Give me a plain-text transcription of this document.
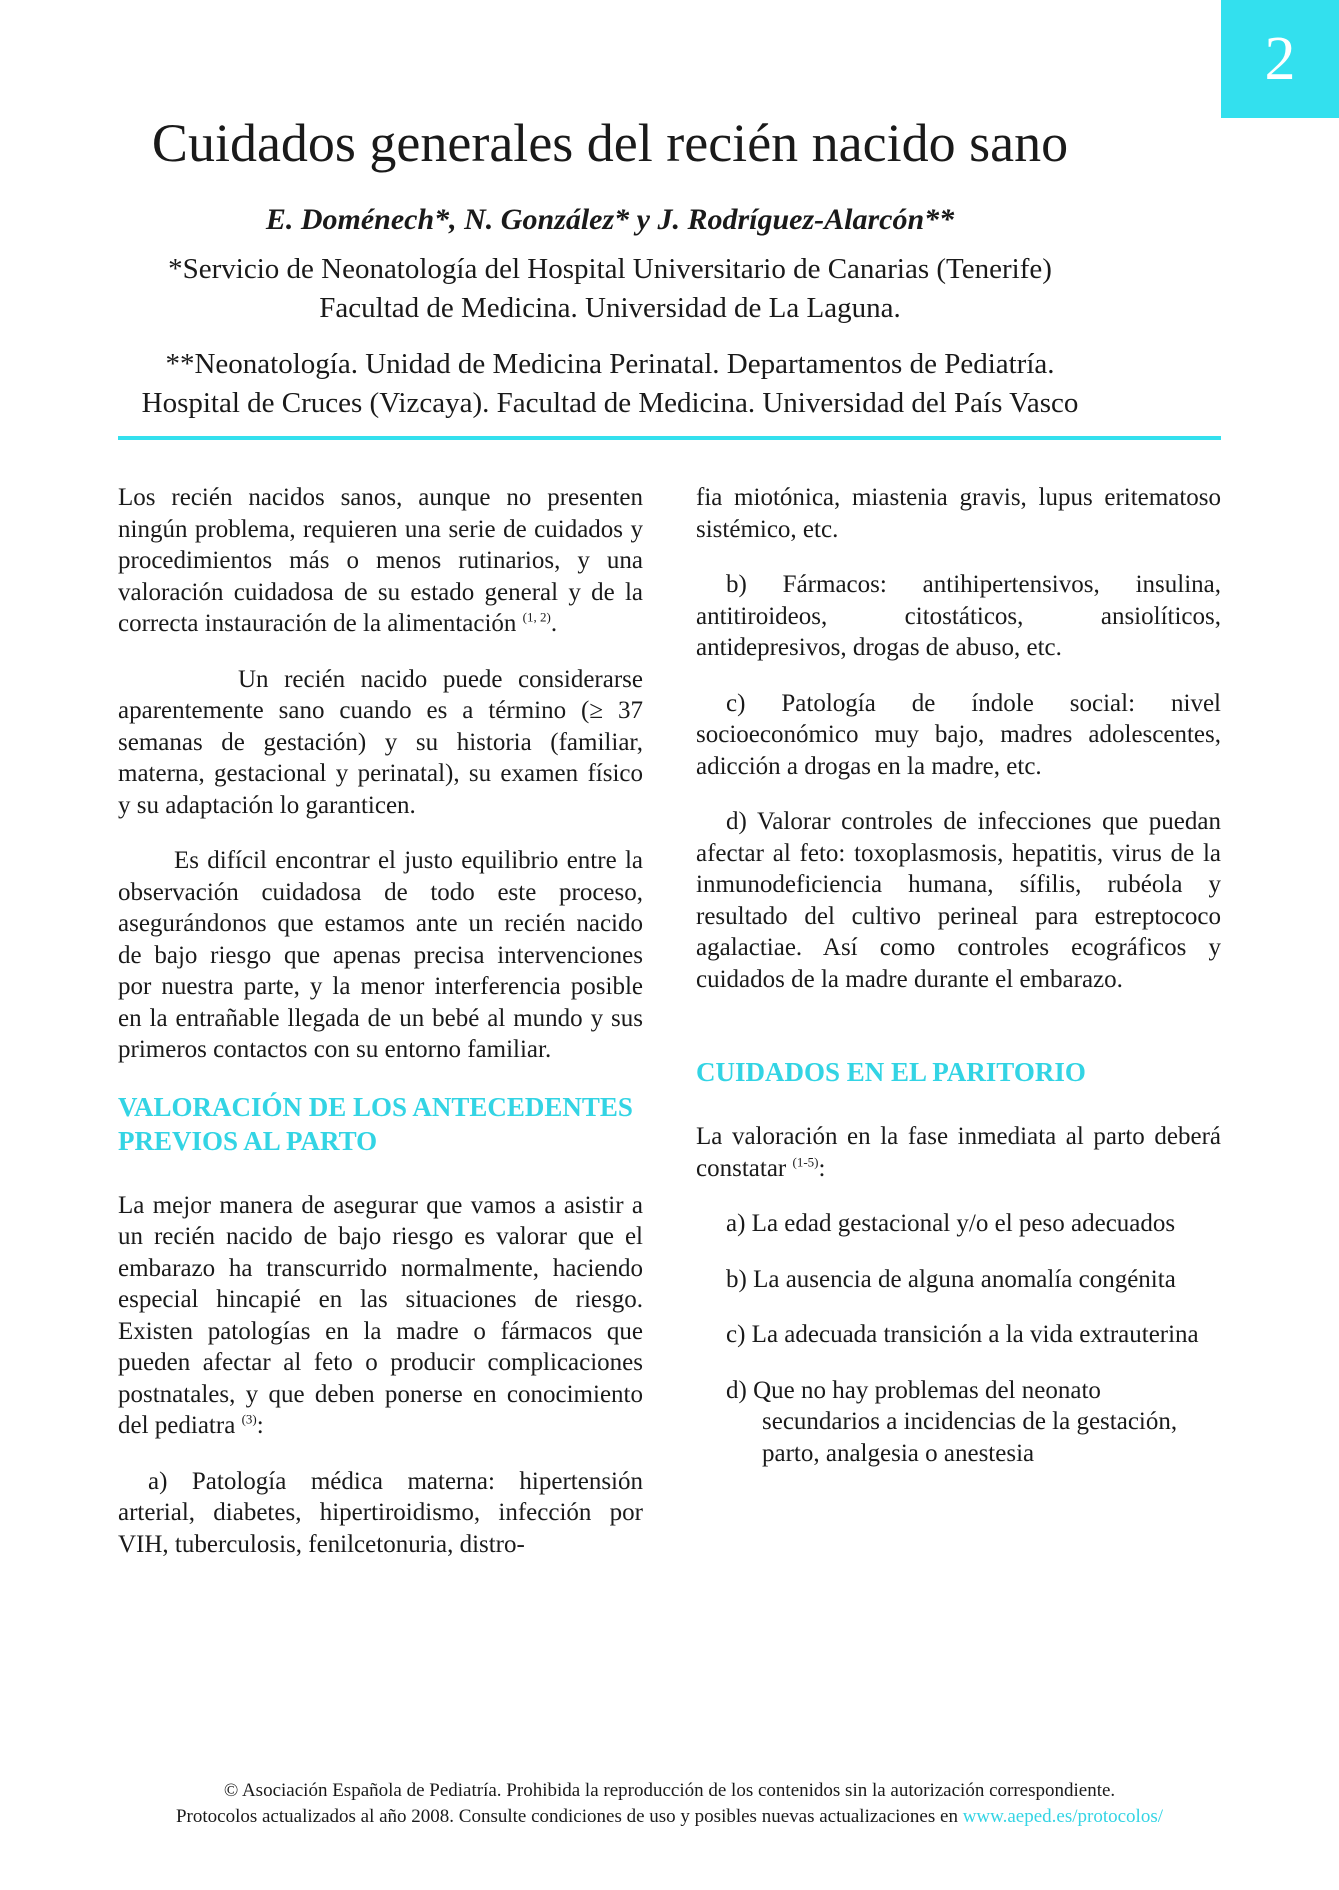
2
Cuidados generales del recién nacido sano
E. Doménech*, N. González* y J. Rodríguez-Alarcón**
*Servicio de Neonatología del Hospital Universitario de Canarias (Tenerife)
Facultad de Medicina. Universidad de La Laguna.
**Neonatología. Unidad de Medicina Perinatal. Departamentos de Pediatría.
Hospital de Cruces (Vizcaya). Facultad de Medicina. Universidad del País Vasco

Los recién nacidos sanos, aunque no presenten ningún problema, requieren una serie de cuidados y procedimientos más o menos rutinarios, y una valoración cuidadosa de su estado general y de la correcta instauración de la alimentación $^{(1, 2)}$.

Un recién nacido puede considerarse aparentemente sano cuando es a término (≥ 37 semanas de gestación) y su historia (familiar, materna, gestacional y perinatal), su examen físico y su adaptación lo garanticen.

Es difícil encontrar el justo equilibrio entre la observación cuidadosa de todo este proceso, asegurándonos que estamos ante un recién nacido de bajo riesgo que apenas precisa intervenciones por nuestra parte, y la menor interferencia posible en la entrañable llegada de un bebé al mundo y sus primeros contactos con su entorno familiar.

VALORACIÓN DE LOS ANTECEDENTES PREVIOS AL PARTO

La mejor manera de asegurar que vamos a asistir a un recién nacido de bajo riesgo es valorar que el embarazo ha transcurrido normalmente, haciendo especial hincapié en las situaciones de riesgo. Existen patologías en la madre o fármacos que pueden afectar al feto o producir complicaciones postnatales, y que deben ponerse en conocimiento del pediatra $^{(3)}$:

a) Patología médica materna: hipertensión arterial, diabetes, hipertiroidismo, infección por VIH, tuberculosis, fenilcetonuria, distro-

fia miotónica, miastenia gravis, lupus eritematoso sistémico, etc.

b) Fármacos: antihipertensivos, insulina, antitiroideos, citostáticos, ansiolíticos, antidepresivos, drogas de abuso, etc.

c) Patología de índole social: nivel socioeconómico muy bajo, madres adolescentes, adicción a drogas en la madre, etc.

d) Valorar controles de infecciones que puedan afectar al feto: toxoplasmosis, hepatitis, virus de la inmunodeficiencia humana, sífilis, rubéola y resultado del cultivo perineal para estreptococo agalactiae. Así como controles ecográficos y cuidados de la madre durante el embarazo.

CUIDADOS EN EL PARITORIO

La valoración en la fase inmediata al parto deberá constatar $^{(1-5)}$:

a) La edad gestacional y/o el peso adecuados

b) La ausencia de alguna anomalía congénita

c) La adecuada transición a la vida extrauterina

d) Que no hay problemas del neonato secundarios a incidencias de la gestación, parto, analgesia o anestesia

© Asociación Española de Pediatría. Prohibida la reproducción de los contenidos sin la autorización correspondiente.
Protocolos actualizados al año 2008. Consulte condiciones de uso y posibles nuevas actualizaciones en www.aeped.es/protocolos/
